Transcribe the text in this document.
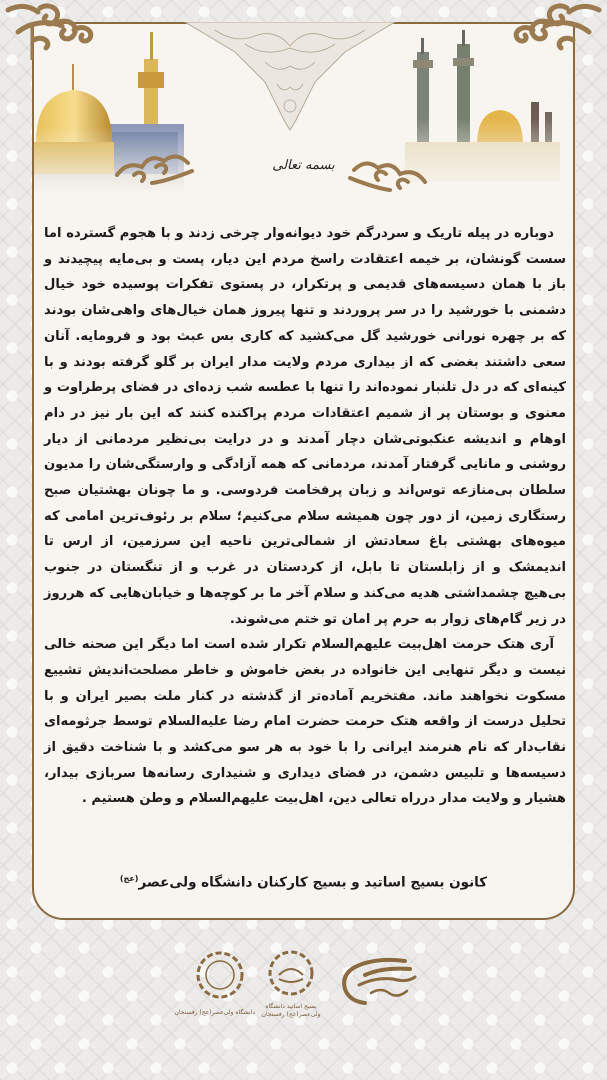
بسمه تعالی

دوباره در پیله تاریک و سردرگم خود دیوانه‌وار چرخی زدند و با هجوم گسترده اما سست گونشان، بر خیمه اعتقادت راسخ مردم این دیار، پست و بی‌مایه پیچیدند و باز با همان دسیسه‌های قدیمی و پرتکرار، در پستوی تفکرات پوسیده خود خیال دشمنی با خورشید را در سر پروردند و تنها پیروز همان خیال‌های واهی‌شان بودند که بر چهره نورانی خورشید گل می‌کشید که کاری بس عبث بود و فرومایه. آنان سعی داشتند بغضی که از بیداری مردم ولایت مدار ایران بر گلو گرفته بودند و با کینه‌ای که در دل تلنبار نموده‌اند را تنها با عطسه شب زده‌ای در فضای پرطراوت و معنوی و بوستان پر از شمیم اعتقادات مردم پراکنده کنند که این بار نیز در دام اوهام و اندیشه عنکبوتی‌شان دچار آمدند و در درایت بی‌نظیر مردمانی از دیار روشنی و مانایی گرفتار آمدند، مردمانی که همه آزادگی و وارستگی‌شان را مدیون سلطان بی‌منازعه توس‌اند و زبان پرفخامت فردوسی. و ما چونان بهشتیان صبح رستگاری زمین، از دور چون همیشه سلام می‌کنیم؛ سلام بر رئوف‌ترین امامی که میوه‌های بهشتی باغ سعادتش از شمالی‌ترین ناحیه این سرزمین، از ارس تا اندیمشک و از زابلستان تا بابل، از کردستان در غرب و از تنگستان در جنوب بی‌هیچ چشمداشتی هدیه می‌کند و سلام آخر ما بر کوچه‌ها و خیابان‌هایی که هرروز در زیر گام‌های زوار به حرم پر امان تو ختم می‌شوند.

آری هتک حرمت اهل‌بیت علیهم‌السلام تکرار شده است اما دیگر این صحنه خالی نیست و دیگر تنهایی این خانواده در بغض خاموش و خاطر مصلحت‌اندیش تشییع مسکوت نخواهند ماند. مفتخریم آماده‌تر از گذشته در کنار ملت بصیر ایران و با تحلیل درست از واقعه هتک حرمت حضرت امام رضا علیه‌السلام توسط جرثومه‌ای نقاب‌دار که نام هنرمند ایرانی را با خود به هر سو می‌کشد و با شناخت دقیق از دسیسه‌ها و تلبیس دشمن، در فضای دیداری و شنیداری رسانه‌ها سربازی بیدار، هشیار و ولایت مدار درراه تعالی دین، اهل‌بیت علیهم‌السلام و وطن هستیم .

کانون بسیج اساتید و بسیج کارکنان دانشگاه ولی‌عصر$^{(عج)}$
دانشگاه ولی‌عصر(عج) رفسنجان
بسیج اساتید دانشگاه
ولی‌عصر(عج) رفسنجان
